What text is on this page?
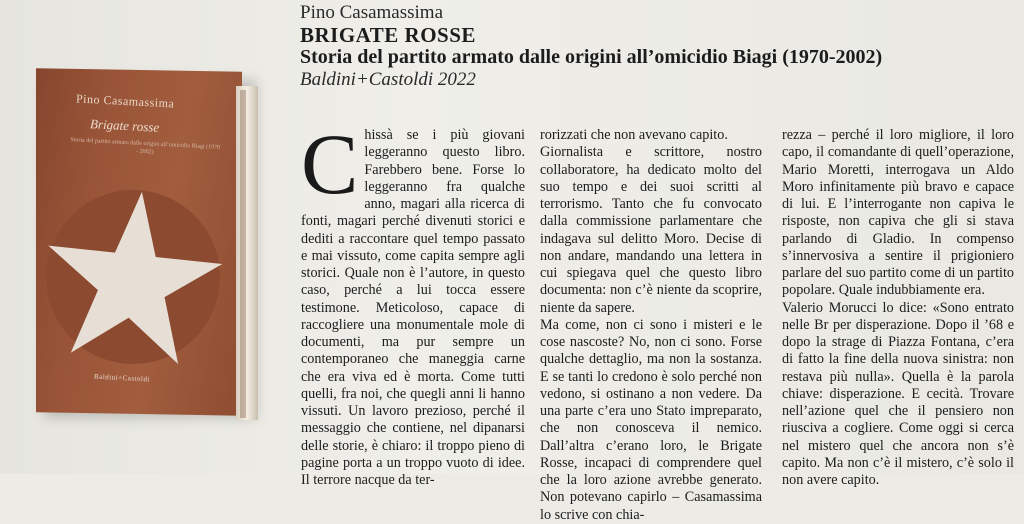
Pino Casamassima
Brigate rosse
Storia del partito armato dalle origini all’omicidio Biagi (1970 - 2002)
Baldini+Castoldi
Pino Casamassima
BRIGATE ROSSE
Storia del partito armato dalle origini all’omicidio Biagi (1970-2002)
Baldini+Castoldi 2022
C hissà se i più giovani leggeranno questo libro. Farebbero bene. Forse lo leggeranno fra qualche anno, magari alla ricerca di fonti, magari perché divenuti storici e dediti a raccontare quel tempo passato e mai vissuto, come capita sempre agli storici. Quale non è l’autore, in questo caso, perché a lui tocca essere testimone. Meticoloso, capace di raccogliere una monumentale mole di documenti, ma pur sempre un contemporaneo che maneggia carne che era viva ed è morta. Come tutti quelli, fra noi, che quegli anni li hanno vissuti. Un lavoro prezioso, perché il messaggio che contiene, nel dipanarsi delle storie, è chiaro: il troppo pieno di pagine porta a un troppo vuoto di idee. Il terrore nacque da ter-

rorizzati che non avevano capito.

Giornalista e scrittore, nostro collaboratore, ha dedicato molto del suo tempo e dei suoi scritti al terrorismo. Tanto che fu convocato dalla commissione parlamentare che indagava sul delitto Moro. Decise di non andare, mandando una lettera in cui spiegava quel che questo libro documenta: non c’è niente da scoprire, niente da sapere.

Ma come, non ci sono i misteri e le cose nascoste? No, non ci sono. Forse qualche dettaglio, ma non la sostanza. E se tanti lo credono è solo perché non vedono, si ostinano a non vedere. Da una parte c’era uno Stato impreparato, che non conosceva il nemico. Dall’altra c’erano loro, le Brigate Rosse, incapaci di comprendere quel che la loro azione avrebbe generato. Non potevano capirlo – Casamassima lo scrive con chia-

rezza – perché il loro migliore, il loro capo, il comandante di quell’operazione, Mario Moretti, interrogava un Aldo Moro infinitamente più bravo e capace di lui. E l’interrogante non capiva le risposte, non capiva che gli si stava parlando di Gladio. In compenso s’innervosiva a sentire il prigioniero parlare del suo partito come di un partito popolare. Quale indubbiamente era.

Valerio Morucci lo dice: «Sono entrato nelle Br per disperazione. Dopo il ’68 e dopo la strage di Piazza Fontana, c’era di fatto la fine della nuova sinistra: non restava più nulla». Quella è la parola chiave: disperazione. E cecità. Trovare nell’azione quel che il pensiero non riusciva a cogliere. Come oggi si cerca nel mistero quel che ancora non s’è capito. Ma non c’è il mistero, c’è solo il non avere capito.
